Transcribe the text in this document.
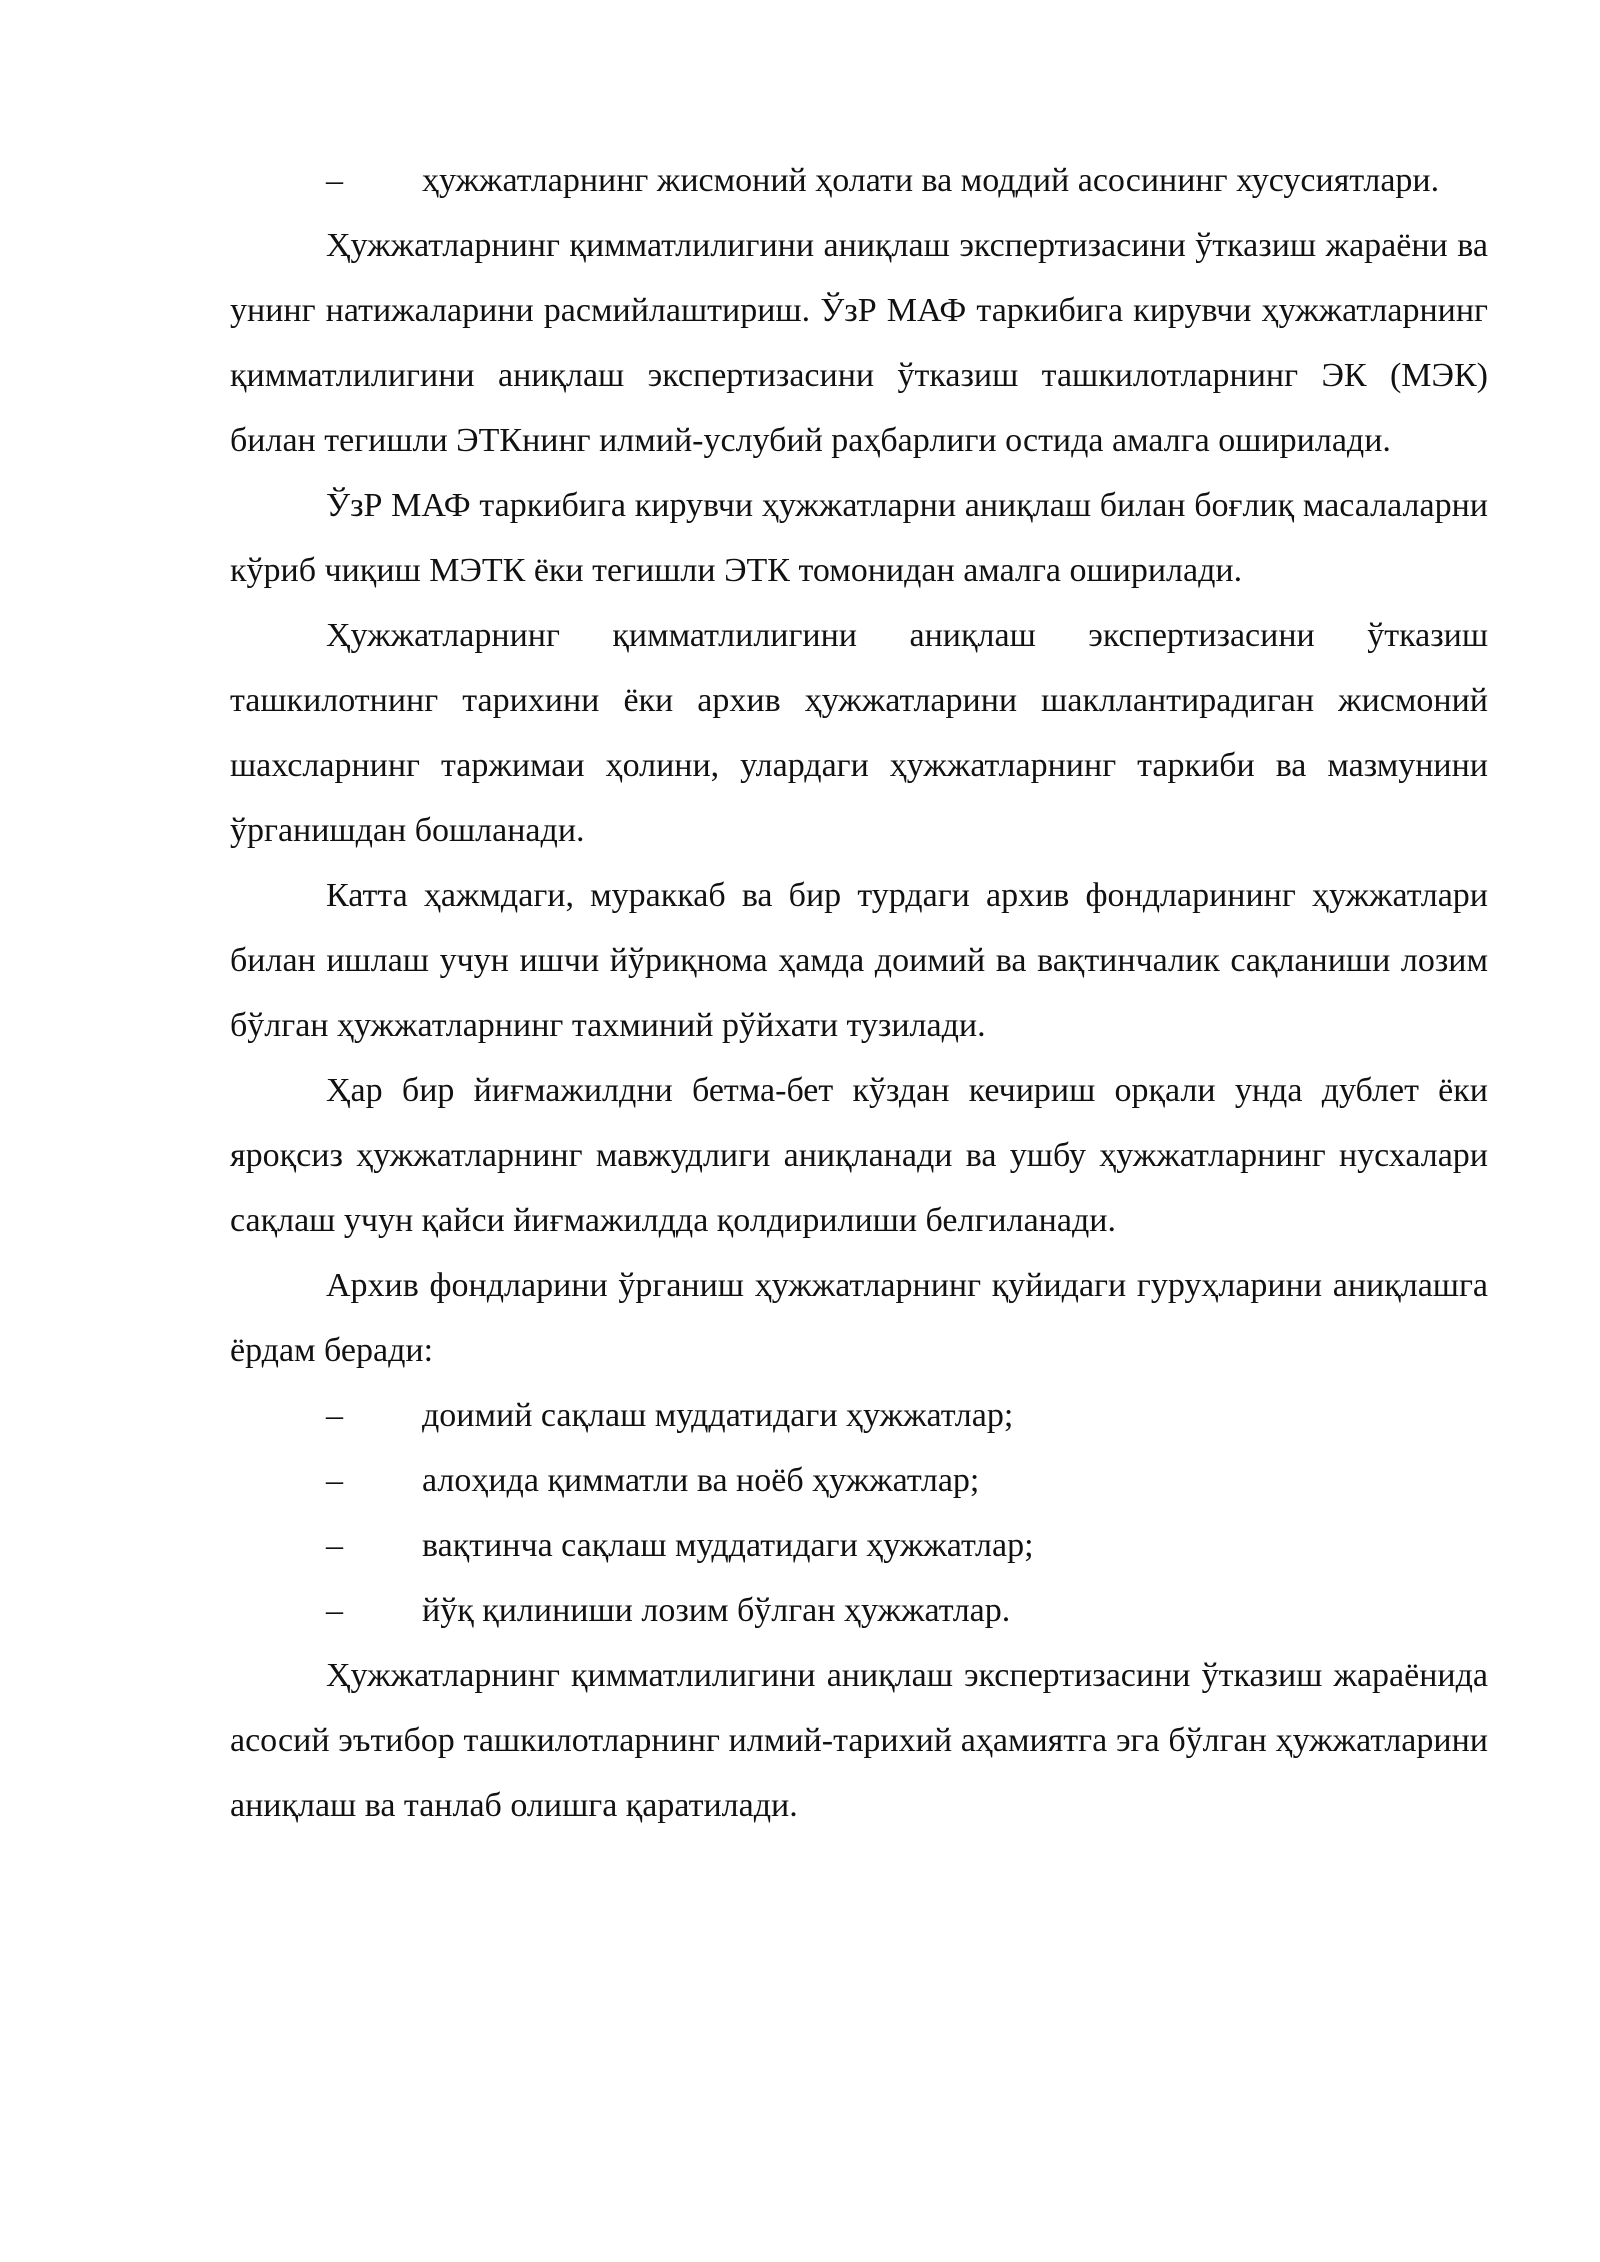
– ҳужжатларнинг жисмоний ҳолати ва моддий асосининг хусусиятлари.

Ҳужжатларнинг қимматлилигини аниқлаш экспертизасини ўтказиш жараёни ва унинг натижаларини расмийлаштириш. ЎзР МАФ таркибига кирувчи ҳужжатларнинг қимматлилигини аниқлаш экспертизасини ўтказиш ташкилотларнинг ЭК (МЭК) билан тегишли ЭТКнинг илмий-услубий раҳбарлиги остида амалга оширилади.

ЎзР МАФ таркибига кирувчи ҳужжатларни аниқлаш билан боғлиқ масалаларни кўриб чиқиш МЭТК ёки тегишли ЭТК томонидан амалга оширилади.

Ҳужжатларнинг қимматлилигини аниқлаш экспертизасини ўтказиш ташкилотнинг тарихини ёки архив ҳужжатларини шакллантирадиган жисмоний шахсларнинг таржимаи ҳолини, улардаги ҳужжатларнинг таркиби ва мазмунини ўрганишдан бошланади.

Катта ҳажмдаги, мураккаб ва бир турдаги архив фондларининг ҳужжатлари билан ишлаш учун ишчи йўриқнома ҳамда доимий ва вақтинчалик сақланиши лозим бўлган ҳужжатларнинг тахминий рўйхати тузилади.

Ҳар бир йиғмажилдни бетма-бет кўздан кечириш орқали унда дублет ёки яроқсиз ҳужжатларнинг мавжудлиги аниқланади ва ушбу ҳужжатларнинг нусхалари сақлаш учун қайси йиғмажилдда қолдирилиши белгиланади.

Архив фондларини ўрганиш ҳужжатларнинг қуйидаги гуруҳларини аниқлашга ёрдам беради:

–	доимий сақлаш муддатидаги ҳужжатлар;
–	алоҳида қимматли ва ноёб ҳужжатлар;
–	вақтинча сақлаш муддатидаги ҳужжатлар;
–	йўқ қилиниши лозим бўлган ҳужжатлар.

Ҳужжатларнинг қимматлилигини аниқлаш экспертизасини ўтказиш жараёнида асосий эътибор ташкилотларнинг илмий-тарихий аҳамиятга эга бўлган ҳужжатларини аниқлаш ва танлаб олишга қаратилади.
